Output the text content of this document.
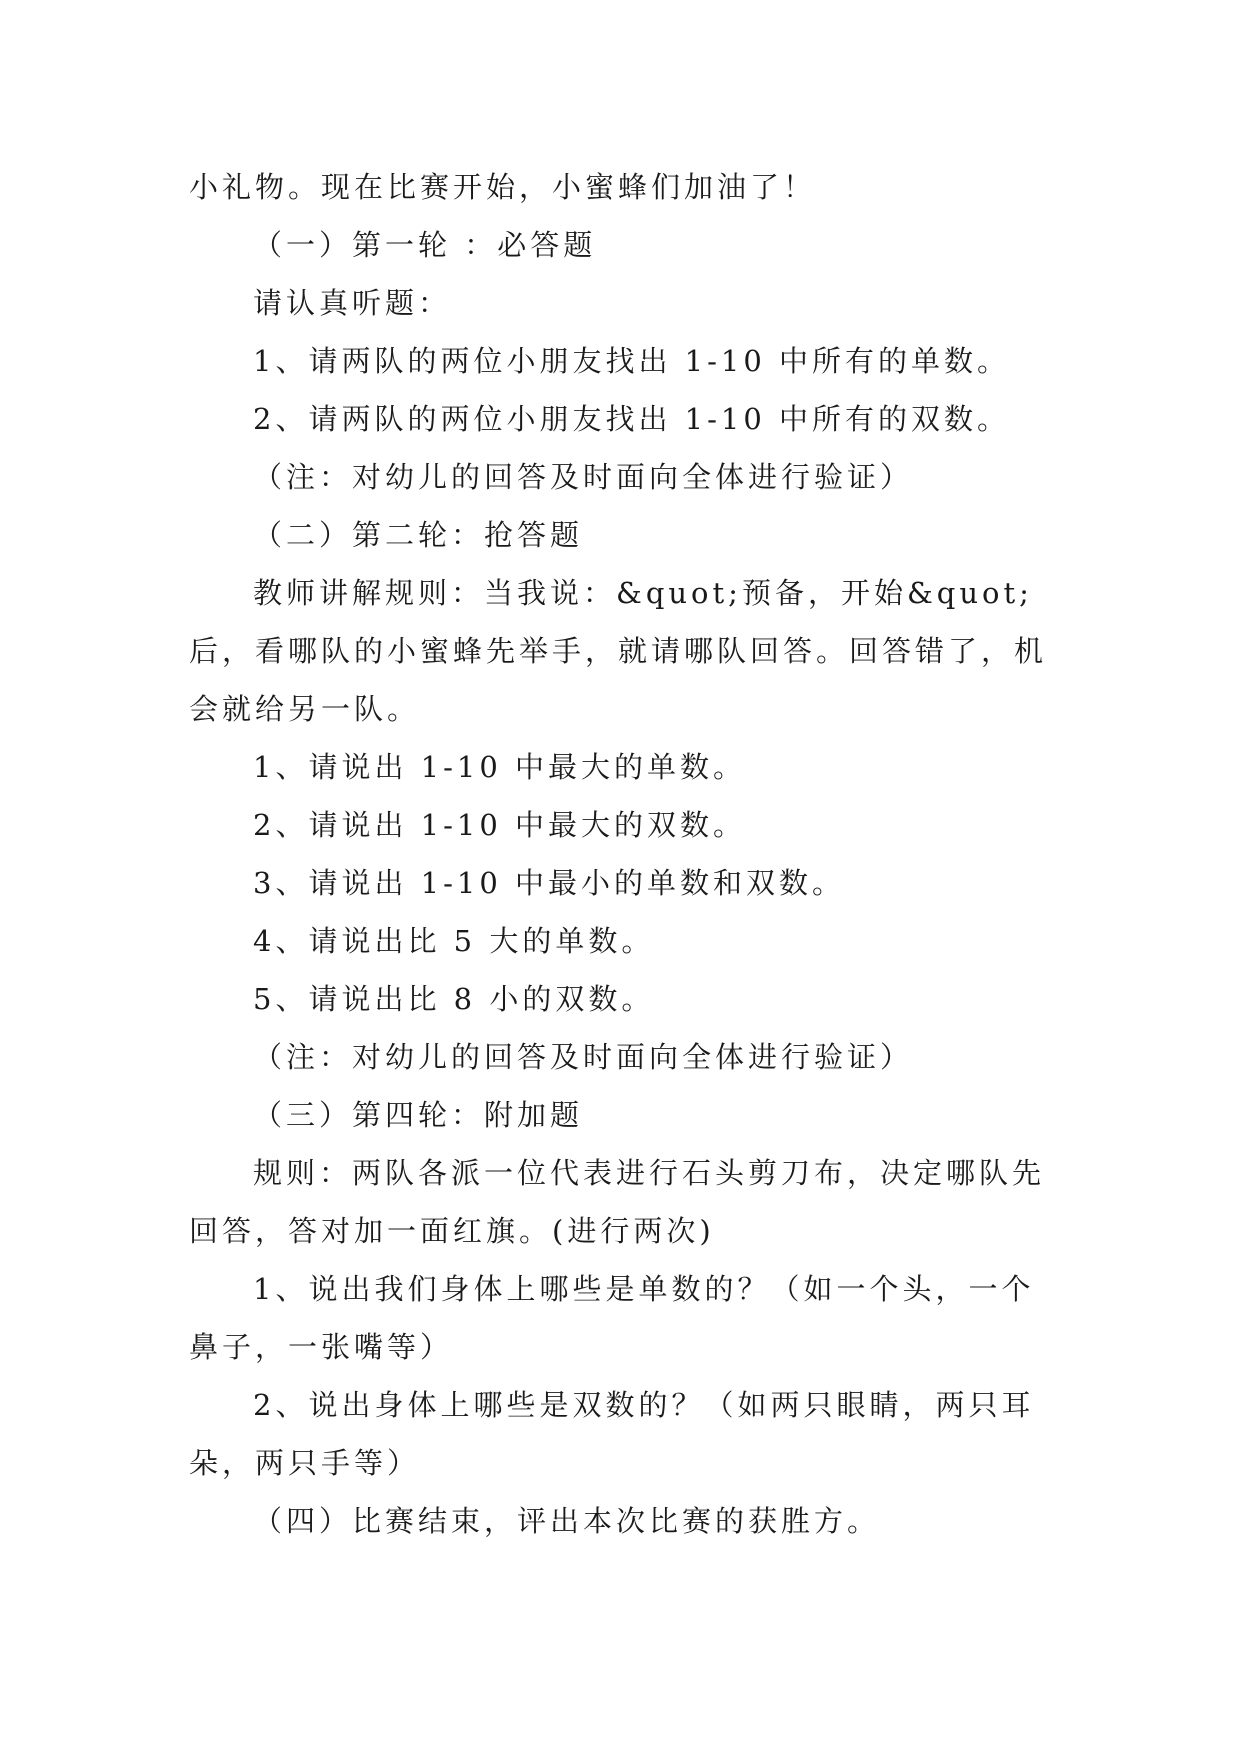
小礼物。现在比赛开始，小蜜蜂们加油了！

（一）第一轮 ：必答题

请认真听题：

1、请两队的两位小朋友找出 1-10 中所有的单数。

2、请两队的两位小朋友找出 1-10 中所有的双数。

（注：对幼儿的回答及时面向全体进行验证）

（二）第二轮：抢答题

教师讲解规则：当我说：&quot;预备，开始&quot;后，看哪队的小蜜蜂先举手，就请哪队回答。回答错了，机会就给另一队。

1、请说出 1-10 中最大的单数。

2、请说出 1-10 中最大的双数。

3、请说出 1-10 中最小的单数和双数。

4、请说出比 5 大的单数。

5、请说出比 8 小的双数。

（注：对幼儿的回答及时面向全体进行验证）

（三）第四轮：附加题

规则：两队各派一位代表进行石头剪刀布，决定哪队先回答，答对加一面红旗。(进行两次)

1、说出我们身体上哪些是单数的？（如一个头，一个鼻子，一张嘴等）

2、说出身体上哪些是双数的？（如两只眼睛，两只耳朵，两只手等）

（四）比赛结束，评出本次比赛的获胜方。
